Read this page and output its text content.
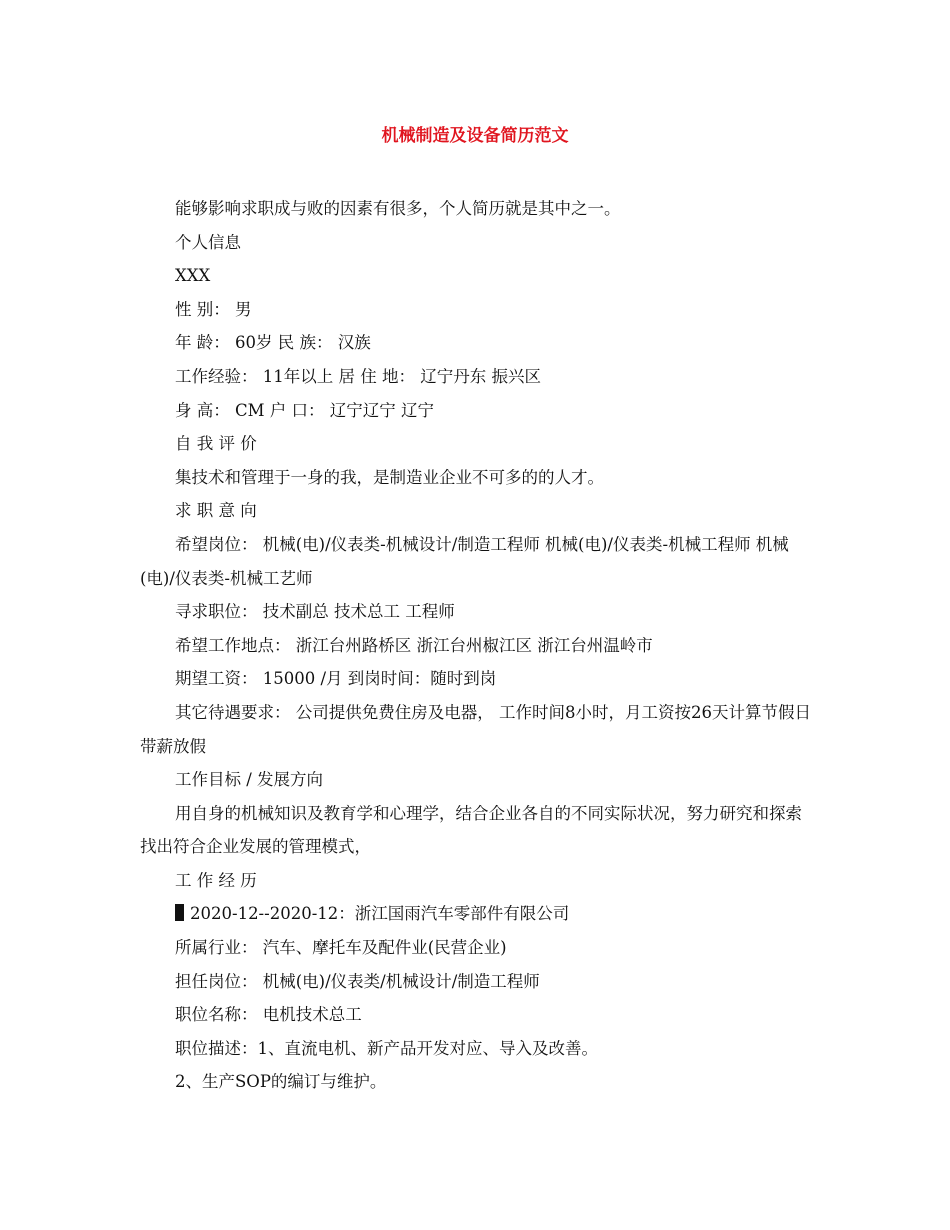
机械制造及设备简历范文

能够影响求职成与败的因素有很多，个人简历就是其中之一。

个人信息

XXX

性 别： 男

年 龄： 60岁 民 族： 汉族

工作经验： 11年以上 居 住 地： 辽宁丹东 振兴区

身 高： CM 户 口： 辽宁辽宁 辽宁

自 我 评 价

集技术和管理于一身的我，是制造业企业不可多的的人才。

求 职 意 向

希望岗位： 机械(电)/仪表类-机械设计/制造工程师 机械(电)/仪表类-机械工程师 机械(电)/仪表类-机械工艺师

寻求职位： 技术副总 技术总工 工程师

希望工作地点： 浙江台州路桥区 浙江台州椒江区 浙江台州温岭市

期望工资： 15000 /月 到岗时间：随时到岗

其它待遇要求： 公司提供免费住房及电器， 工作时间8小时，月工资按26天计算节假日带薪放假

工作目标 / 发展方向

用自身的机械知识及教育学和心理学，结合企业各自的不同实际状况，努力研究和探索找出符合企业发展的管理模式，

工 作 经 历

2020-12--2020-12：浙江国雨汽车零部件有限公司

所属行业： 汽车、摩托车及配件业(民营企业)

担任岗位： 机械(电)/仪表类/机械设计/制造工程师

职位名称： 电机技术总工

职位描述：1、直流电机、新产品开发对应、导入及改善。

2、生产SOP的编订与维护。
